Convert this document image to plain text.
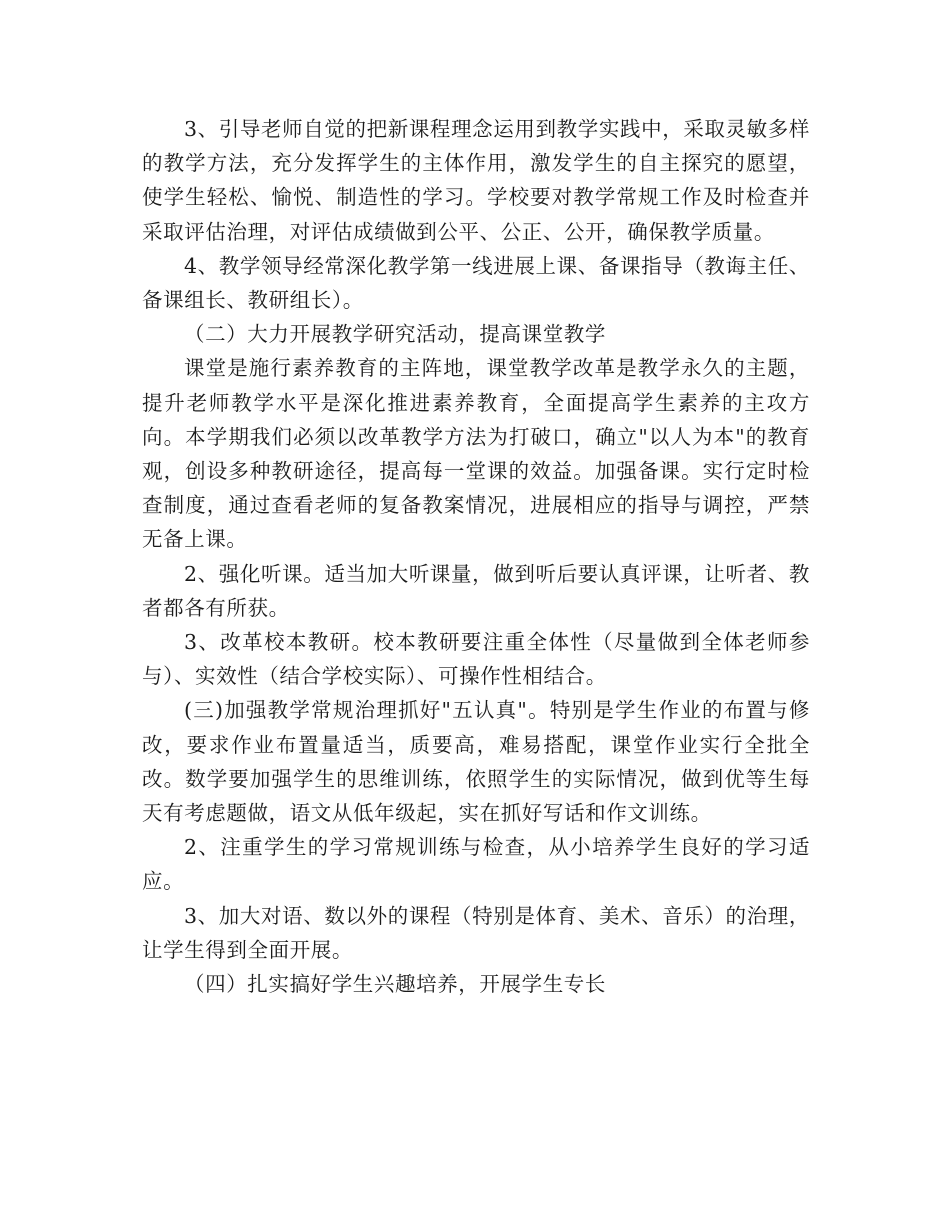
3、引导老师自觉的把新课程理念运用到教学实践中，采取灵敏多样的教学方法，充分发挥学生的主体作用，激发学生的自主探究的愿望，使学生轻松、愉悦、制造性的学习。学校要对教学常规工作及时检查并采取评估治理，对评估成绩做到公平、公正、公开，确保教学质量。

4、教学领导经常深化教学第一线进展上课、备课指导（教诲主任、备课组长、教研组长）。

（二）大力开展教学研究活动，提高课堂教学

课堂是施行素养教育的主阵地，课堂教学改革是教学永久的主题，提升老师教学水平是深化推进素养教育，全面提高学生素养的主攻方向。本学期我们必须以改革教学方法为打破口，确立"以人为本"的教育观，创设多种教研途径，提高每一堂课的效益。加强备课。实行定时检查制度，通过查看老师的复备教案情况，进展相应的指导与调控，严禁无备上课。

2、强化听课。适当加大听课量，做到听后要认真评课，让听者、教者都各有所获。

3、改革校本教研。校本教研要注重全体性（尽量做到全体老师参与）、实效性（结合学校实际）、可操作性相结合。

(三)加强教学常规治理抓好"五认真"。特别是学生作业的布置与修改，要求作业布置量适当，质要高，难易搭配，课堂作业实行全批全改。数学要加强学生的思维训练，依照学生的实际情况，做到优等生每天有考虑题做，语文从低年级起，实在抓好写话和作文训练。

2、注重学生的学习常规训练与检查，从小培养学生良好的学习适应。

3、加大对语、数以外的课程（特别是体育、美术、音乐）的治理，让学生得到全面开展。

（四）扎实搞好学生兴趣培养，开展学生专长
